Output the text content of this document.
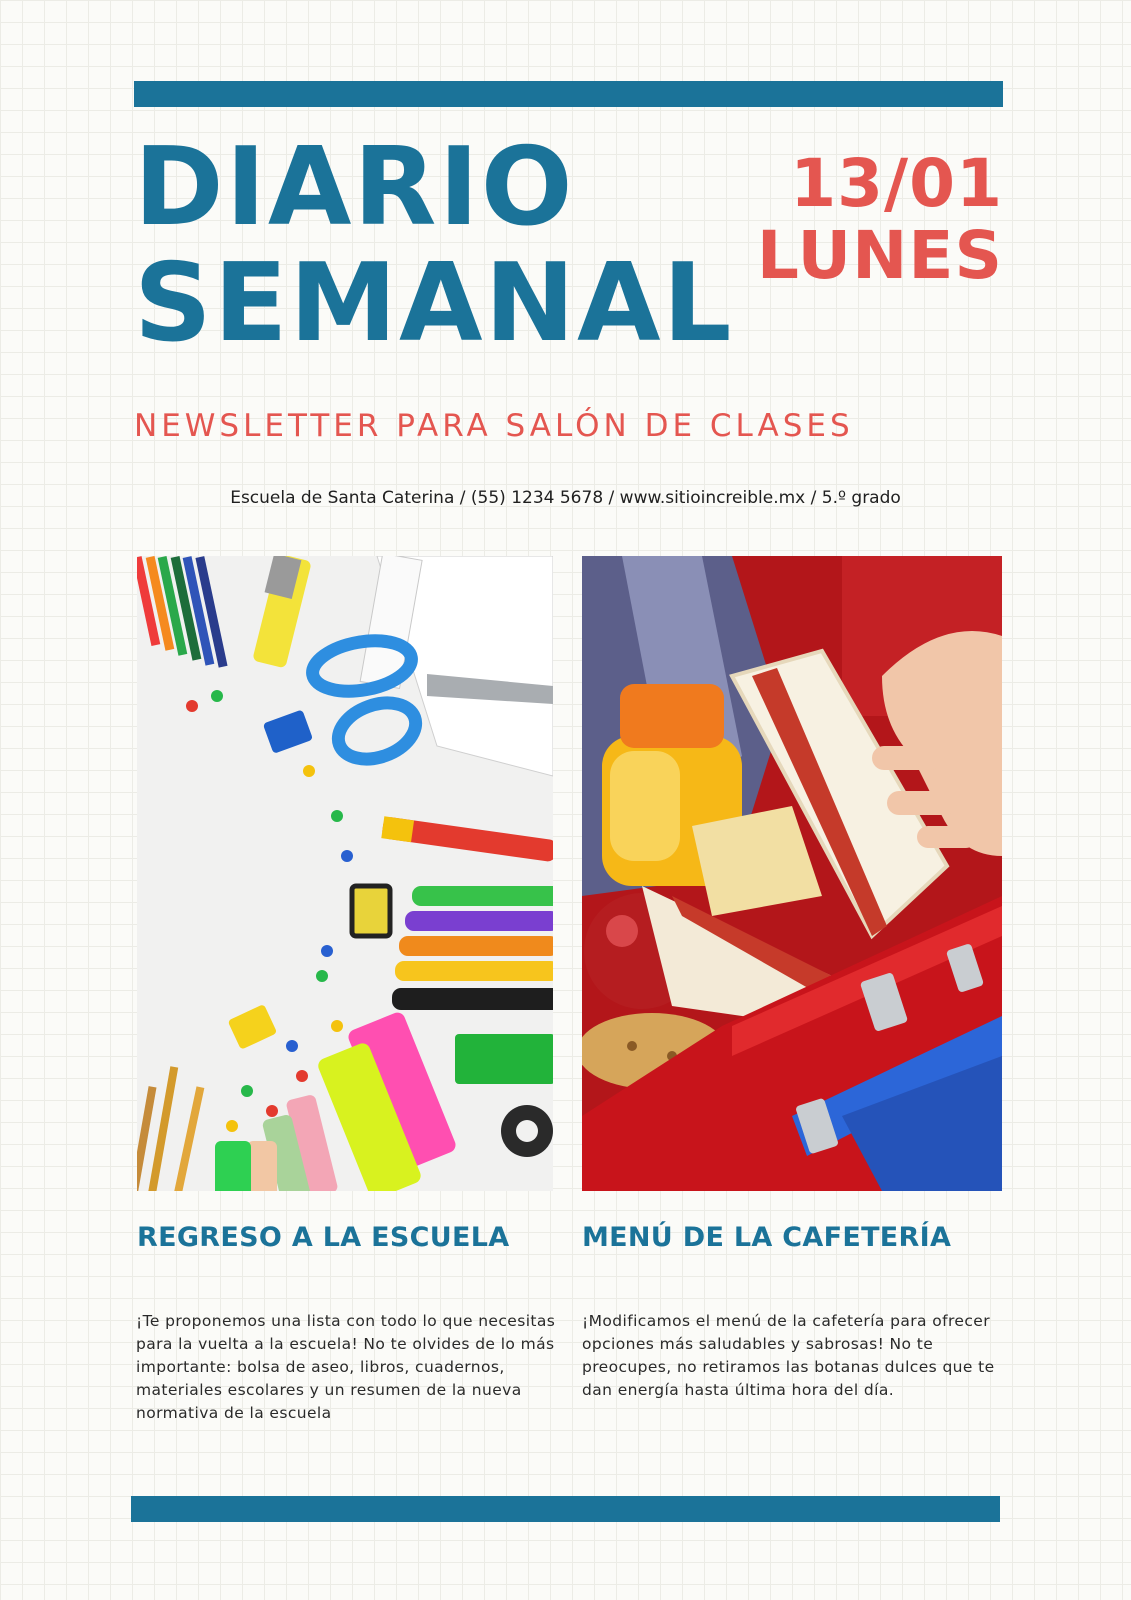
DIARIO
SEMANAL
13/01
LUNES
NEWSLETTER PARA SALÓN DE CLASES
Escuela de Santa Caterina / (55) 1234 5678 / www.sitioincreible.mx / 5.º grado
REGRESO A LA ESCUELA	MENÚ DE LA CAFETERÍA

¡Te proponemos una lista con todo lo que necesitas para la vuelta a la escuela! No te olvides de lo más importante: bolsa de aseo, libros, cuadernos, materiales escolares y un resumen de la nueva normativa de la escuela

¡Modificamos el menú de la cafetería para ofrecer opciones más saludables y sabrosas! No te preocupes, no retiramos las botanas dulces que te dan energía hasta última hora del día.
